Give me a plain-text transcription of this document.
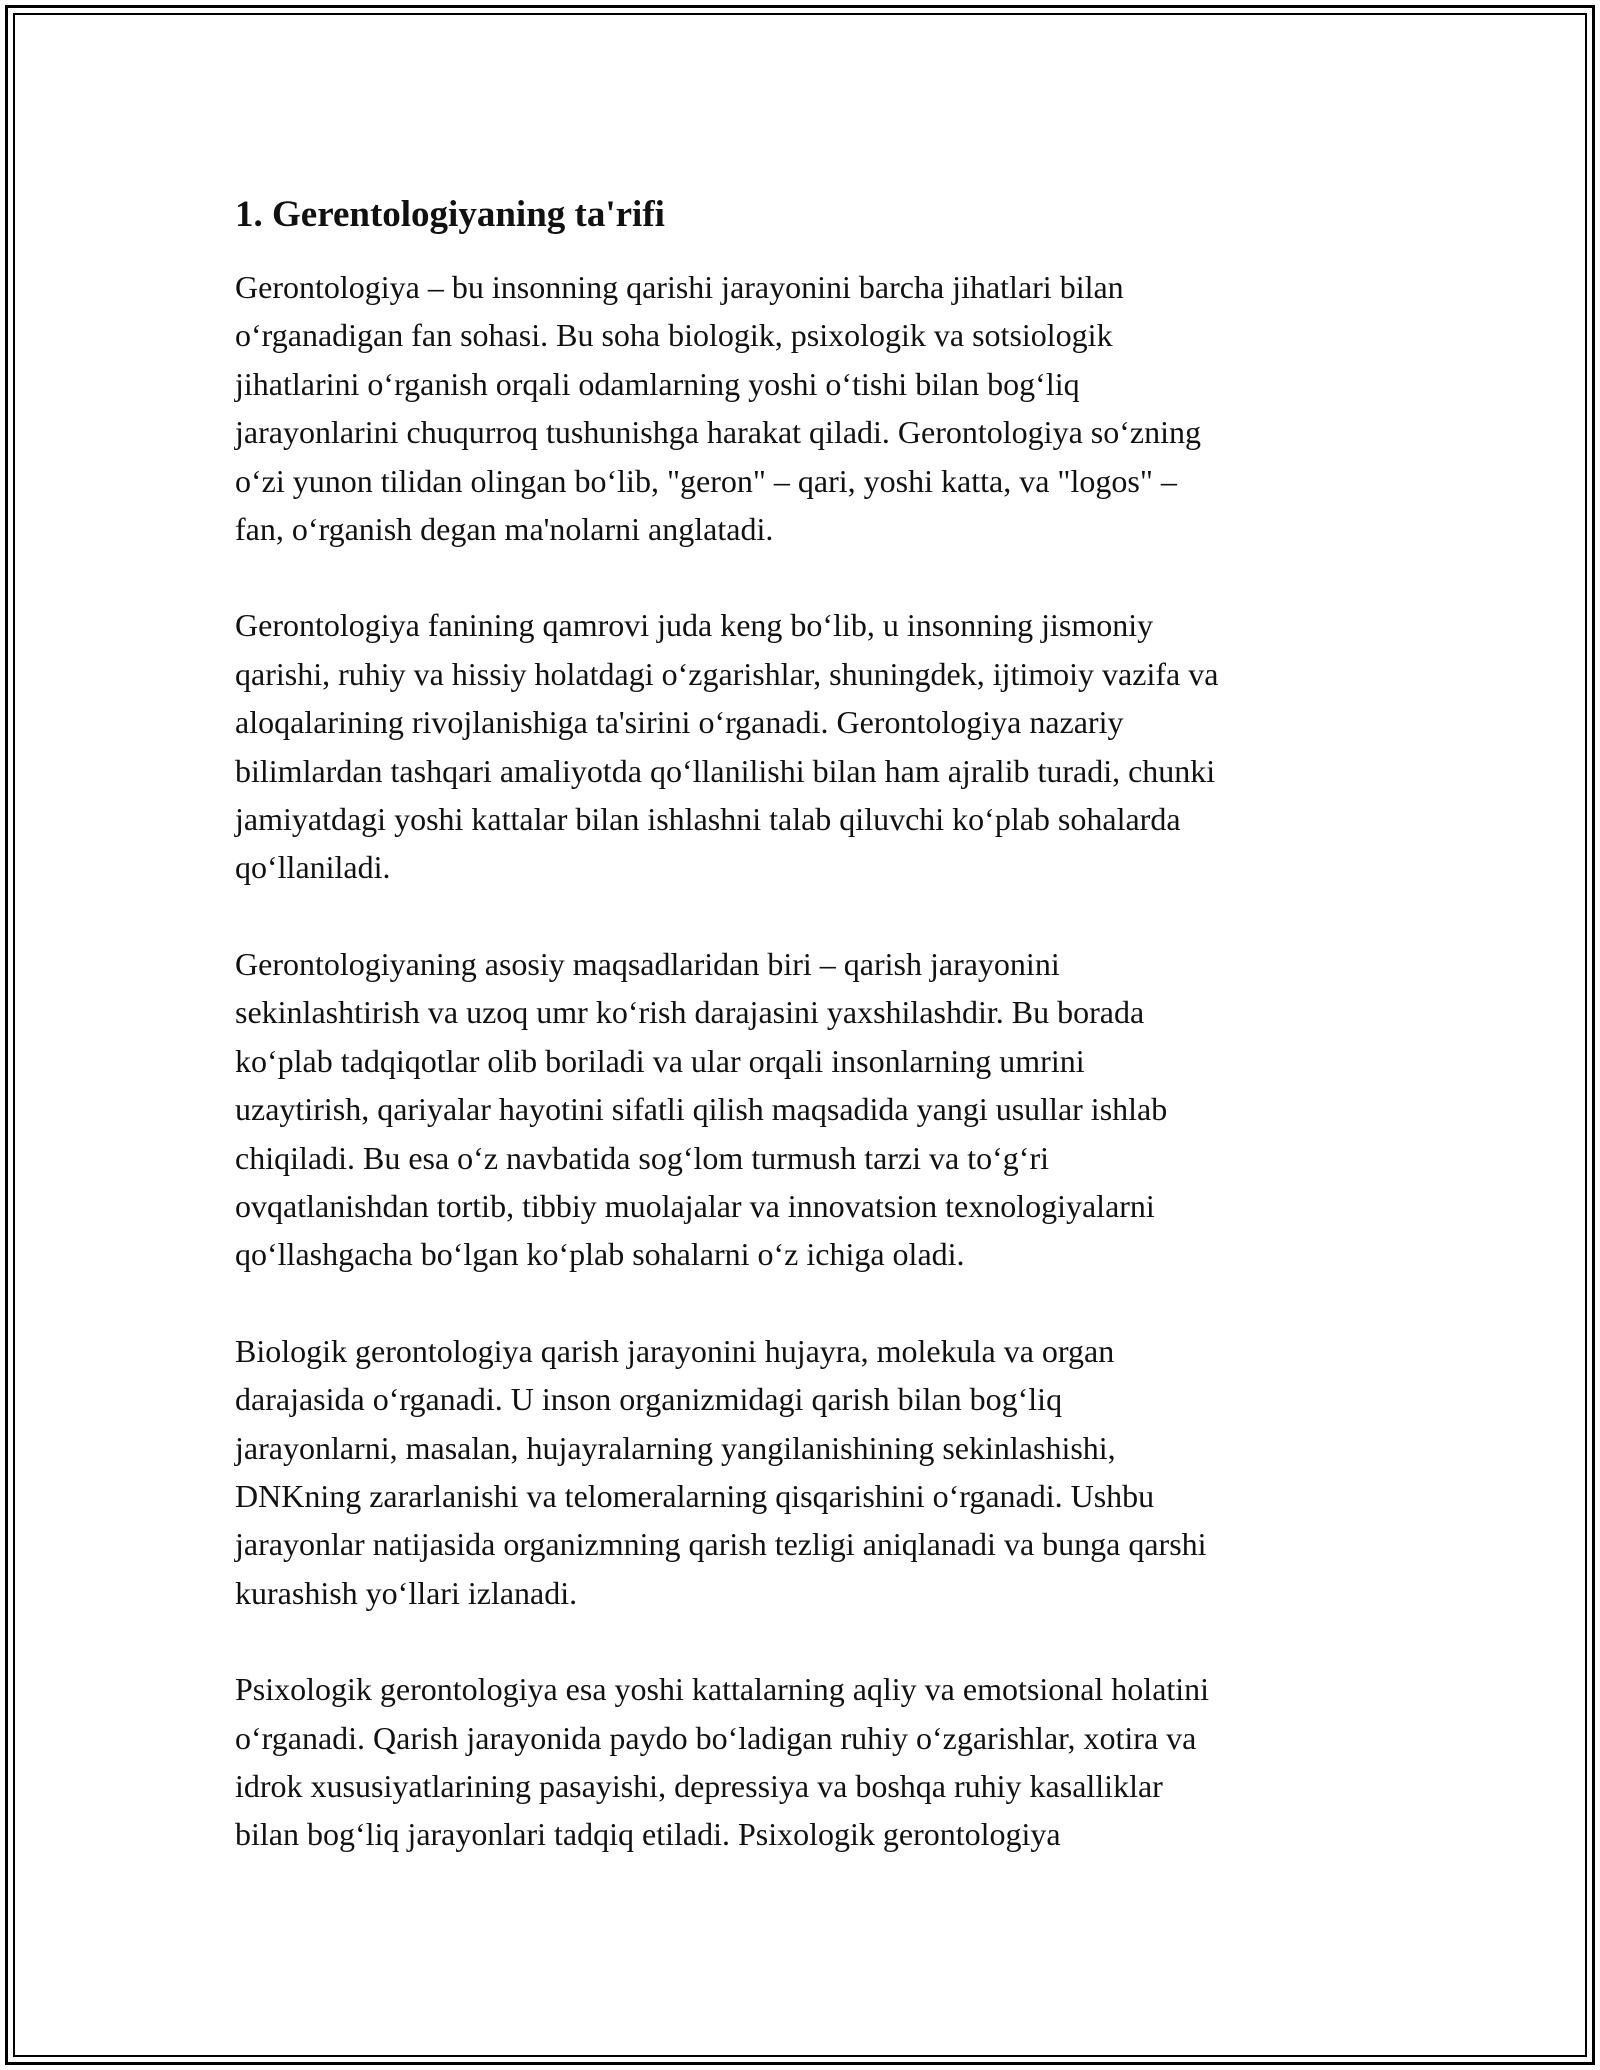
1. Gerentologiyaning ta'rifi

Gerontologiya – bu insonning qarishi jarayonini barcha jihatlari bilan
o‘rganadigan fan sohasi. Bu soha biologik, psixologik va sotsiologik
jihatlarini o‘rganish orqali odamlarning yoshi o‘tishi bilan bog‘liq
jarayonlarini chuqurroq tushunishga harakat qiladi. Gerontologiya so‘zning
o‘zi yunon tilidan olingan bo‘lib, "geron" – qari, yoshi katta, va "logos" –
fan, o‘rganish degan ma'nolarni anglatadi.

Gerontologiya fanining qamrovi juda keng bo‘lib, u insonning jismoniy
qarishi, ruhiy va hissiy holatdagi o‘zgarishlar, shuningdek, ijtimoiy vazifa va
aloqalarining rivojlanishiga ta'sirini o‘rganadi. Gerontologiya nazariy
bilimlardan tashqari amaliyotda qo‘llanilishi bilan ham ajralib turadi, chunki
jamiyatdagi yoshi kattalar bilan ishlashni talab qiluvchi ko‘plab sohalarda
qo‘llaniladi.

Gerontologiyaning asosiy maqsadlaridan biri – qarish jarayonini
sekinlashtirish va uzoq umr ko‘rish darajasini yaxshilashdir. Bu borada
ko‘plab tadqiqotlar olib boriladi va ular orqali insonlarning umrini
uzaytirish, qariyalar hayotini sifatli qilish maqsadida yangi usullar ishlab
chiqiladi. Bu esa o‘z navbatida sog‘lom turmush tarzi va to‘g‘ri
ovqatlanishdan tortib, tibbiy muolajalar va innovatsion texnologiyalarni
qo‘llashgacha bo‘lgan ko‘plab sohalarni o‘z ichiga oladi.

Biologik gerontologiya qarish jarayonini hujayra, molekula va organ
darajasida o‘rganadi. U inson organizmidagi qarish bilan bog‘liq
jarayonlarni, masalan, hujayralarning yangilanishining sekinlashishi,
DNKning zararlanishi va telomeralarning qisqarishini o‘rganadi. Ushbu
jarayonlar natijasida organizmning qarish tezligi aniqlanadi va bunga qarshi
kurashish yo‘llari izlanadi.

Psixologik gerontologiya esa yoshi kattalarning aqliy va emotsional holatini
o‘rganadi. Qarish jarayonida paydo bo‘ladigan ruhiy o‘zgarishlar, xotira va
idrok xususiyatlarining pasayishi, depressiya va boshqa ruhiy kasalliklar
bilan bog‘liq jarayonlari tadqiq etiladi. Psixologik gerontologiya
